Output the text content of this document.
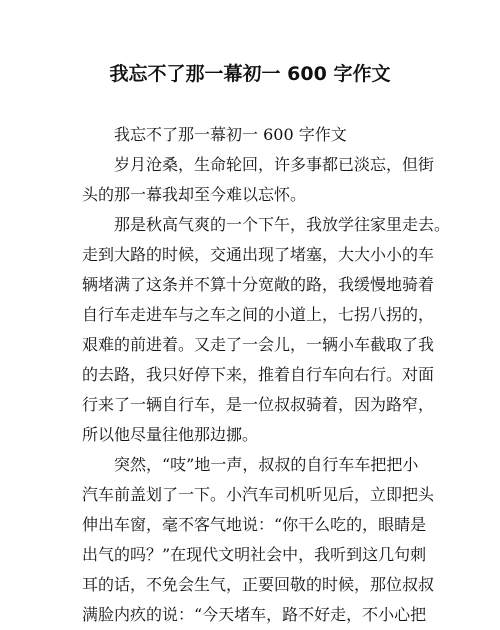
我忘不了那一幕初一 600 字作文
我忘不了那一幕初一 600 字作文
岁月沧桑，生命轮回，许多事都已淡忘，但街
头的那一幕我却至今难以忘怀。
那是秋高气爽的一个下午，我放学往家里走去。
走到大路的时候，交通出现了堵塞，大大小小的车
辆堵满了这条并不算十分宽敞的路，我缓慢地骑着
自行车走进车与之车之间的小道上，七拐八拐的，
艰难的前进着。又走了一会儿，一辆小车截取了我
的去路，我只好停下来，推着自行车向右行。对面
行来了一辆自行车，是一位叔叔骑着，因为路窄，
所以他尽量往他那边挪。
突然，“吱”地一声，叔叔的自行车车把把小
汽车前盖划了一下。小汽车司机听见后，立即把头
伸出车窗，毫不客气地说：“你干么吃的，眼睛是
出气的吗？”在现代文明社会中，我听到这几句刺
耳的话，不免会生气，正要回敬的时候，那位叔叔
满脸内疚的说：“今天堵车，路不好走，不小心把
